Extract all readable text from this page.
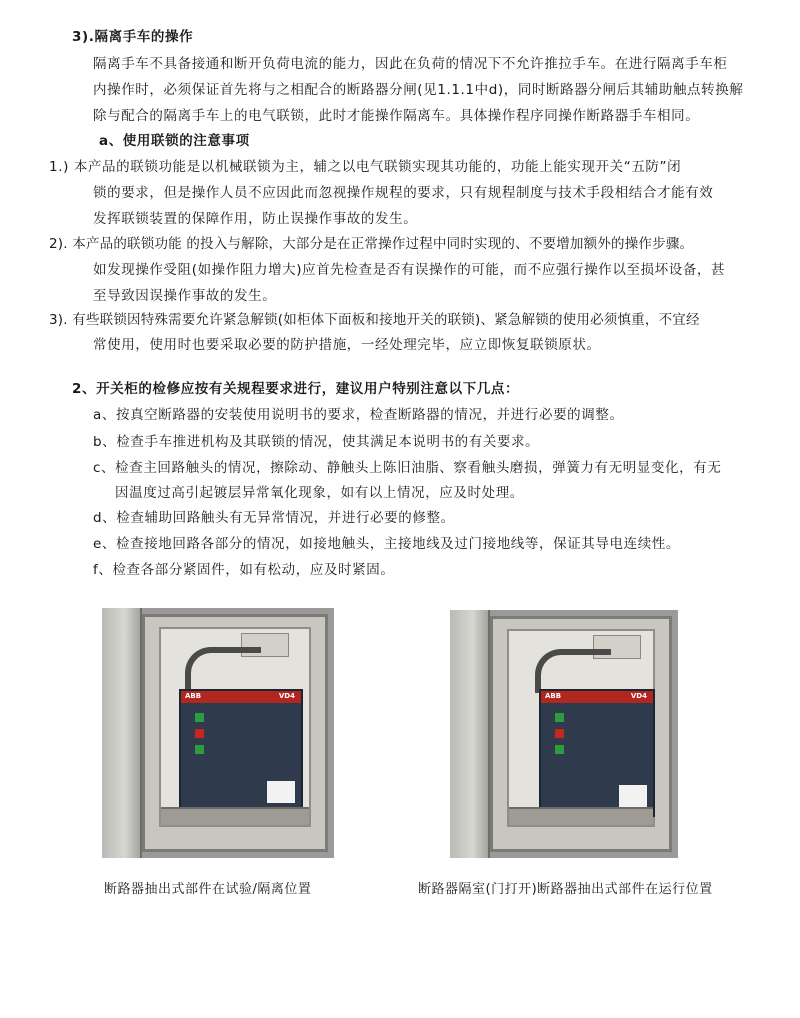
3).隔离手车的操作
隔离手车不具备接通和断开负荷电流的能力，因此在负荷的情况下不允许推拉手车。在进行隔离手车柜
内操作时，必须保证首先将与之相配合的断路器分闸(见1.1.1中d)，同时断路器分闸后其辅助触点转换解
除与配合的隔离手车上的电气联锁，此时才能操作隔离车。具体操作程序同操作断路器手车相同。
a、使用联锁的注意事项
1.) 本产品的联锁功能是以机械联锁为主，辅之以电气联锁实现其功能的，功能上能实现开关“五防”闭
锁的要求，但是操作人员不应因此而忽视操作规程的要求，只有规程制度与技术手段相结合才能有效
发挥联锁装置的保障作用，防止误操作事故的发生。
2). 本产品的联锁功能 的投入与解除，大部分是在正常操作过程中同时实现的、不要增加额外的操作步骤。
如发现操作受阻(如操作阻力增大)应首先检查是否有误操作的可能，而不应强行操作以至损坏设备，甚
至导致因误操作事故的发生。
3). 有些联锁因特殊需要允许紧急解锁(如柜体下面板和接地开关的联锁)、紧急解锁的使用必须慎重，不宜经
常使用，使用时也要采取必要的防护措施，一经处理完毕，应立即恢复联锁原状。
2、开关柜的检修应按有关规程要求进行，建议用户特别注意以下几点：
a、按真空断路器的安装使用说明书的要求，检查断路器的情况，并进行必要的调整。
b、检查手车推进机构及其联锁的情况，使其满足本说明书的有关要求。
c、检查主回路触头的情况，擦除动、静触头上陈旧油脂、察看触头磨损，弹簧力有无明显变化，有无
因温度过高引起镀层异常氧化现象，如有以上情况，应及时处理。
d、检查辅助回路触头有无异常情况，并进行必要的修整。
e、检查接地回路各部分的情况，如接地触头，主接地线及过门接地线等，保证其导电连续性。
f、检查各部分紧固件，如有松动，应及时紧固。
ABB	VD4
断路器抽出式部件在试验/隔离位置
ABB	VD4
断路器隔室(门打开)断路器抽出式部件在运行位置
